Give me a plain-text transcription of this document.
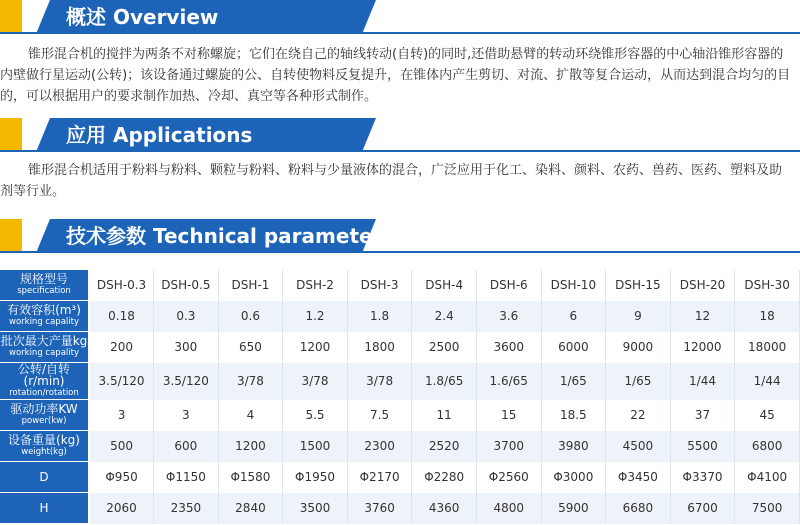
概述 Overview
锥形混合机的搅拌为两条不对称螺旋；它们在绕自己的轴线转动(自转)的同时,还借助悬臂的转动环绕锥形容器的中心轴沿锥形容器的内壁做行星运动(公转)；该设备通过螺旋的公、自转使物料反复提升，在锥体内产生剪切、对流、扩散等复合运动，从而达到混合均匀的目的，可以根据用户的要求制作加热、冷却、真空等各种形式制作。
应用 Applications
锥形混合机适用于粉料与粉料、颗粒与粉料、粉料与少量液体的混合，广泛应用于化工、染料、颜料、农药、兽药、医药、塑料及助剂等行业。
技术参数 Technical parameters
规格型号
specification	DSH-0.3	DSH-0.5	DSH-1	DSH-2	DSH-3	DSH-4	DSH-6	DSH-10	DSH-15	DSH-20	DSH-30

有效容积(m³)
working capality	0.18	0.3	0.6	1.2	1.8	2.4	3.6	6	9	12	18

批次最大产量kg
working capality	200	300	650	1200	1800	2500	3600	6000	9000	12000	18000

公转/自转(r/min)
rotation/rotation	3.5/120	3.5/120	3/78	3/78	3/78	1.8/65	1.6/65	1/65	1/65	1/44	1/44

驱动功率KW
power(kw)	3	3	4	5.5	7.5	11	15	18.5	22	37	45

设备重量(kg)
weight(kg)	500	600	1200	1500	2300	2520	3700	3980	4500	5500	6800

D	Φ950	Φ1150	Φ1580	Φ1950	Φ2170	Φ2280	Φ2560	Φ3000	Φ3450	Φ3370	Φ4100

H	2060	2350	2840	3500	3760	4360	4800	5900	6680	6700	7500
